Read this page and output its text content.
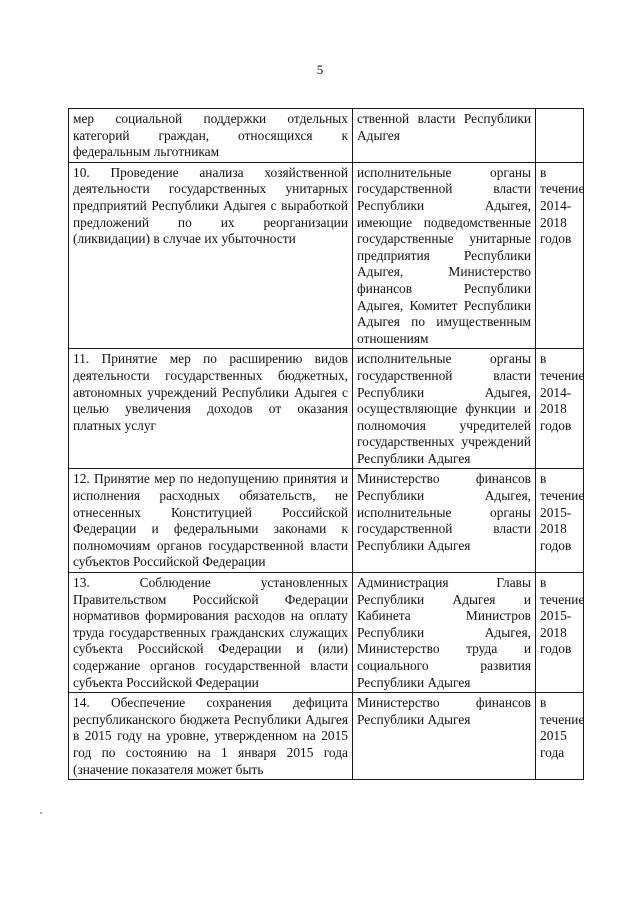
5
мер социальной поддержки отдельных категорий граждан, относящихся к федеральным льготникам	ственной власти Республики Адыгея	
10. Проведение анализа хозяйственной деятельности государственных унитарных предприятий Республики Адыгея с выработкой предложений по их реорганизации (ликвидации) в случае их убыточности	исполнительные органы государственной власти Республики Адыгея, имеющие подведомственные государственные унитарные предприятия Республики Адыгея, Министерство финансов Республики Адыгея, Комитет Республики Адыгея по имущественным отношениям	в течение 2014-2018 годов
11. Принятие мер по расширению видов деятельности государственных бюджетных, автономных учреждений Республики Адыгея с целью увеличения доходов от оказания платных услуг	исполнительные органы государственной власти Республики Адыгея, осуществляющие функции и полномочия учредителей государственных учреждений Республики Адыгея	в течение 2014-2018 годов
12. Принятие мер по недопущению принятия и исполнения расходных обязательств, не отнесенных Конституцией Российской Федерации и федеральными законами к полномочиям органов государственной власти субъектов Российской Федерации	Министерство финансов Республики Адыгея, исполнительные органы государственной власти Республики Адыгея	в течение 2015-2018 годов
13. Соблюдение установленных Правительством Российской Федерации нормативов формирования расходов на оплату труда государственных гражданских служащих субъекта Российской Федерации и (или) содержание органов государственной власти субъекта Российской Федерации	Администрация Главы Республики Адыгея и Кабинета Министров Республики Адыгея, Министерство труда и социального развития Республики Адыгея	в течение 2015-2018 годов
14. Обеспечение сохранения дефицита республиканского бюджета Республики Адыгея в 2015 году на уровне, утвержденном на 2015 год по состоянию на 1 января 2015 года (значение показателя может быть	Министерство финансов Республики Адыгея	в течение 2015 года
